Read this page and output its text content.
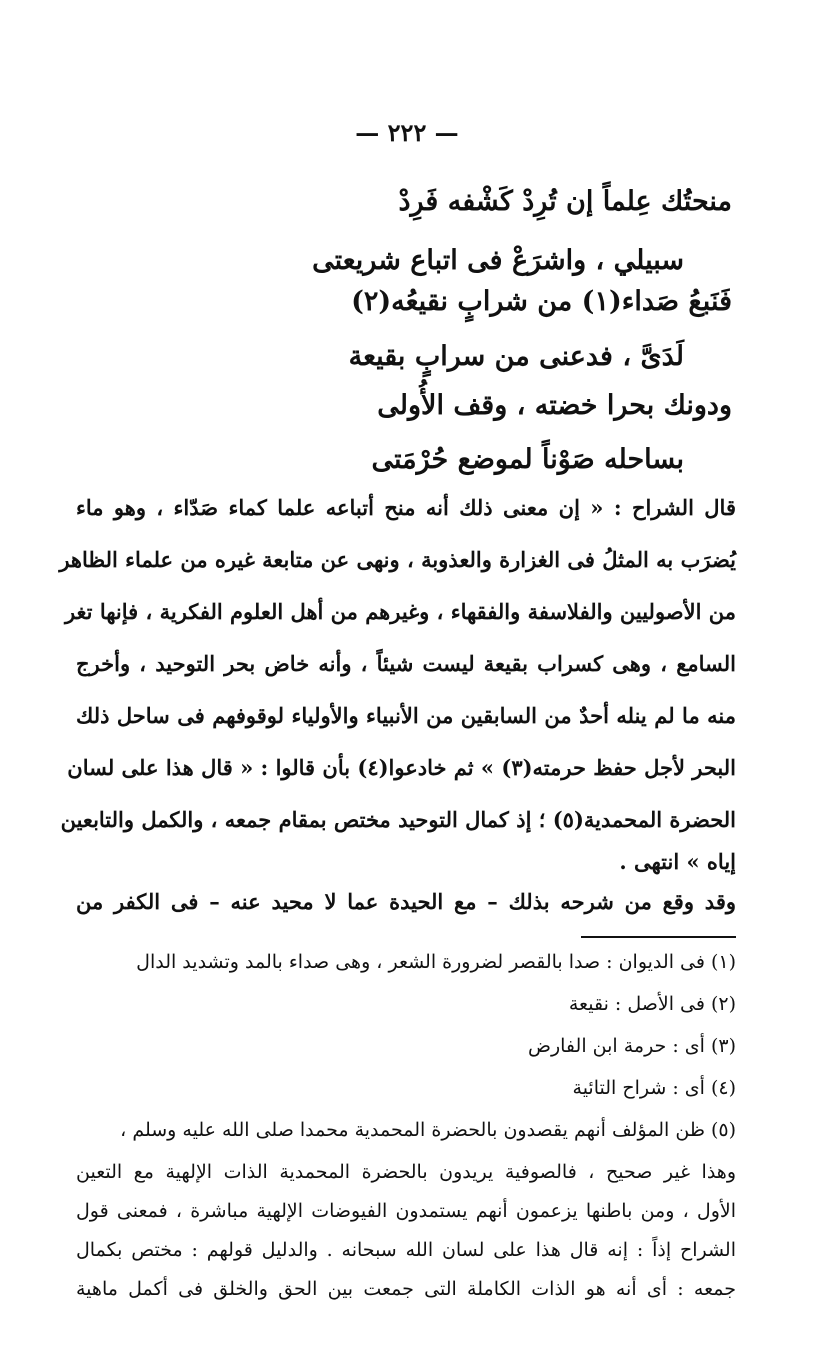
— ٢٢٢ —
منحتُك عِلماً إن تُرِدْ كَشْفه فَرِدْ
سبيلي ، واشرَعْ فى اتباع شريعتى
فَنَبعُ صَداء(١) من شرابٍ نقيعُه(٢)
لَدَىَّ ، فدعنى من سرابٍ بقيعة
ودونك بحرا خضته ، وقف الأُولى
بساحله صَوْناً لموضع حُرْمَتى
قال الشراح : « إن معنى ذلك أنه منح أتباعه علما كماء صَدّاء ، وهو ماء
يُضرَب به المثلُ فى الغزارة والعذوبة ، ونهى عن متابعة غيره من علماء الظاهر
من الأصوليين والفلاسفة والفقهاء ، وغيرهم من أهل العلوم الفكرية ، فإنها تغر
السامع ، وهى كسراب بقيعة ليست شيئاً ، وأنه خاض بحر التوحيد ، وأخرج
منه ما لم ينله أحدٌ من السابقين من الأنبياء والأولياء لوقوفهم فى ساحل ذلك
البحر لأجل حفظ حرمته(٣) » ثم خادعوا(٤) بأن قالوا : « قال هذا على لسان
الحضرة المحمدية(٥) ؛ إذ كمال التوحيد مختص بمقام جمعه ، والكمل والتابعين
إياه » انتهى .
وقد وقع من شرحه بذلك – مع الحيدة عما لا محيد عنه – فى الكفر من
(١)فى الديوان : صدا بالقصر لضرورة الشعر ، وهى صداء بالمد وتشديد الدال
(٢)فى الأصل : نقيعة
(٣)أى : حرمة ابن الفارض
(٤)أى : شراح التائية
(٥)ظن المؤلف أنهم يقصدون بالحضرة المحمدية محمدا صلى الله عليه وسلم ،
وهذا غير صحيح ، فالصوفية يريدون بالحضرة المحمدية الذات الإلهية مع التعين
الأول ، ومن باطنها يزعمون أنهم يستمدون الفيوضات الإلهية مباشرة ، فمعنى قول
الشراح إذاً : إنه قال هذا على لسان الله سبحانه . والدليل قولهم : مختص بكمال
جمعه : أى أنه هو الذات الكاملة التى جمعت بين الحق والخلق فى أكمل ماهية
